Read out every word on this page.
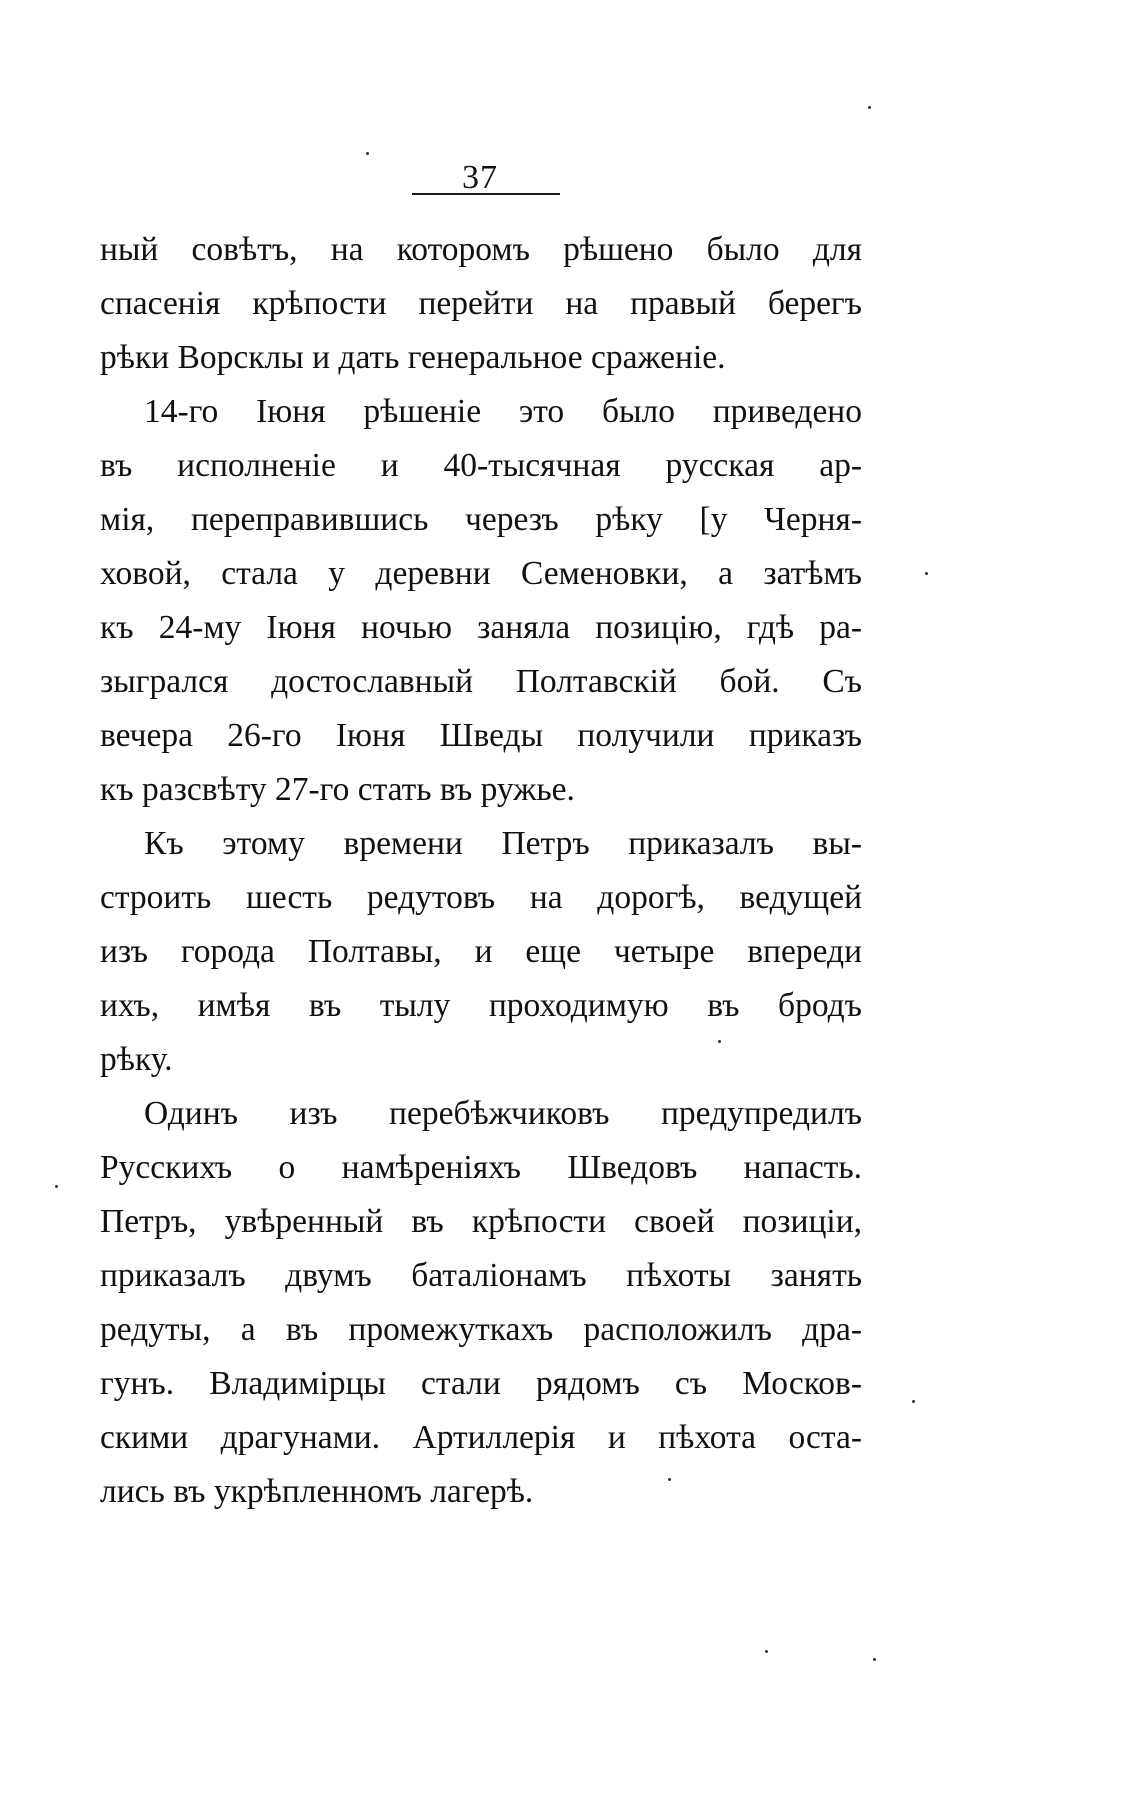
37

ный совѣтъ, на которомъ рѣшено было для
спасенія крѣпости перейти на правый берегъ
рѣки Ворсклы и дать генеральное сраженіе.

14-го Іюня рѣшеніе это было приведено
въ исполненіе и 40-тысячная русская ар-
мія, переправившись черезъ рѣку [у Черня-
ховой, стала у деревни Семеновки, а затѣмъ
къ 24-му Іюня ночью заняла позицію, гдѣ ра-
зыгрался достославный Полтавскій бой. Съ
вечера 26-го Іюня Шведы получили приказъ
къ разсвѣту 27-го стать въ ружье.

Къ этому времени Петръ приказалъ вы-
строить шесть редутовъ на дорогѣ, ведущей
изъ города Полтавы, и еще четыре впереди
ихъ, имѣя въ тылу проходимую въ бродъ
рѣку.

Одинъ изъ перебѣжчиковъ предупредилъ
Русскихъ о намѣреніяхъ Шведовъ напасть.
Петръ, увѣренный въ крѣпости своей позиціи,
приказалъ двумъ баталіонамъ пѣхоты занять
редуты, а въ промежуткахъ расположилъ дра-
гунъ. Владимірцы стали рядомъ съ Москов-
скими драгунами. Артиллерія и пѣхота оста-
лись въ укрѣпленномъ лагерѣ.
